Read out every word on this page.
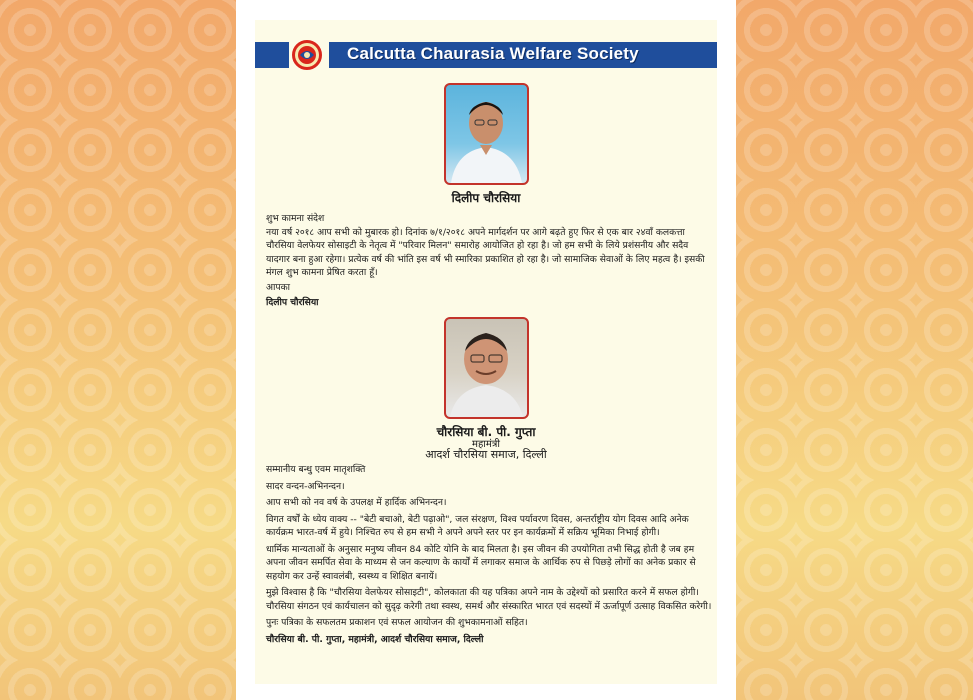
Calcutta Chaurasia Welfare Society
दिलीप चौरसिया

शुभ कामना संदेश

नया वर्ष २०१८ आप सभी को मुबारक हो। दिनांक ७/१/२०१८ अपने मार्गदर्शन पर आगे बढ़ते हुए फिर से एक बार २४वाँ कलकत्ता चौरसिया वेलफेयर सोसाइटी के नेतृत्व में "परिवार मिलन" समारोह आयोजित हो रहा है। जो हम सभी के लिये प्रशंसनीय और सदैव यादगार बना हुआ रहेगा। प्रत्येक वर्ष की भांति इस वर्ष भी स्मारिका प्रकाशित हो रहा है। जो सामाजिक सेवाओं के लिए महत्व है। इसकी मंगल शुभ कामना प्रेषित करता हूँ।

आपका

दिलीप चौरसिया

चौरसिया बी. पी. गुप्ता
महामंत्री
आदर्श चौरसिया समाज, दिल्ली

सम्मानीय बन्धु एवम मातृशक्ति

सादर वन्दन-अभिनन्दन।

आप सभी को नव वर्ष के उपलक्ष में हार्दिक अभिनन्दन।

विगत वर्षों के ध्येय वाक्य -- "बेटी बचाओ, बेटी पढ़ाओ", जल संरक्षण, विश्व पर्यावरण दिवस, अन्तर्राष्ट्रीय योग दिवस आदि अनेक कार्यक्रम भारत-वर्ष में हुये। निश्चित रुप से हम सभी ने अपने अपने स्तर पर इन कार्यक्रमों में सक्रिय भूमिका निभाई होगी।

धार्मिक मान्यताओं के अनुसार मनुष्य जीवन 84 कोटि योनि के बाद मिलता है। इस जीवन की उपयोगिता तभी सिद्ध होती है जब हम अपना जीवन समर्पित सेवा के माध्यम से जन कल्याण के कार्यों में लगाकर समाज के आर्थिक रुप से पिछड़े लोगों का अनेक प्रकार से सहयोग कर उन्हें स्वावलंबी, स्वस्थ्य व शिक्षित बनायें।

मुझे विश्वास है कि "चौरसिया वेलफेयर सोसाइटी", कोलकाता की यह पत्रिका अपने नाम के उद्देश्यों को प्रसारित करने में सफल होगी। चौरसिया संगठन एवं कार्यचालन को सुदृढ़ करेगी तथा स्वस्थ, समर्थ और संस्कारित भारत एवं सदस्यों में ऊर्जापूर्ण उत्साह विकसित करेगी।

पुनः पत्रिका के सफलतम प्रकाशन एवं सफल आयोजन की शुभकामनाओं सहित।

चौरसिया बी. पी. गुप्ता, महामंत्री, आदर्श चौरसिया समाज, दिल्ली
